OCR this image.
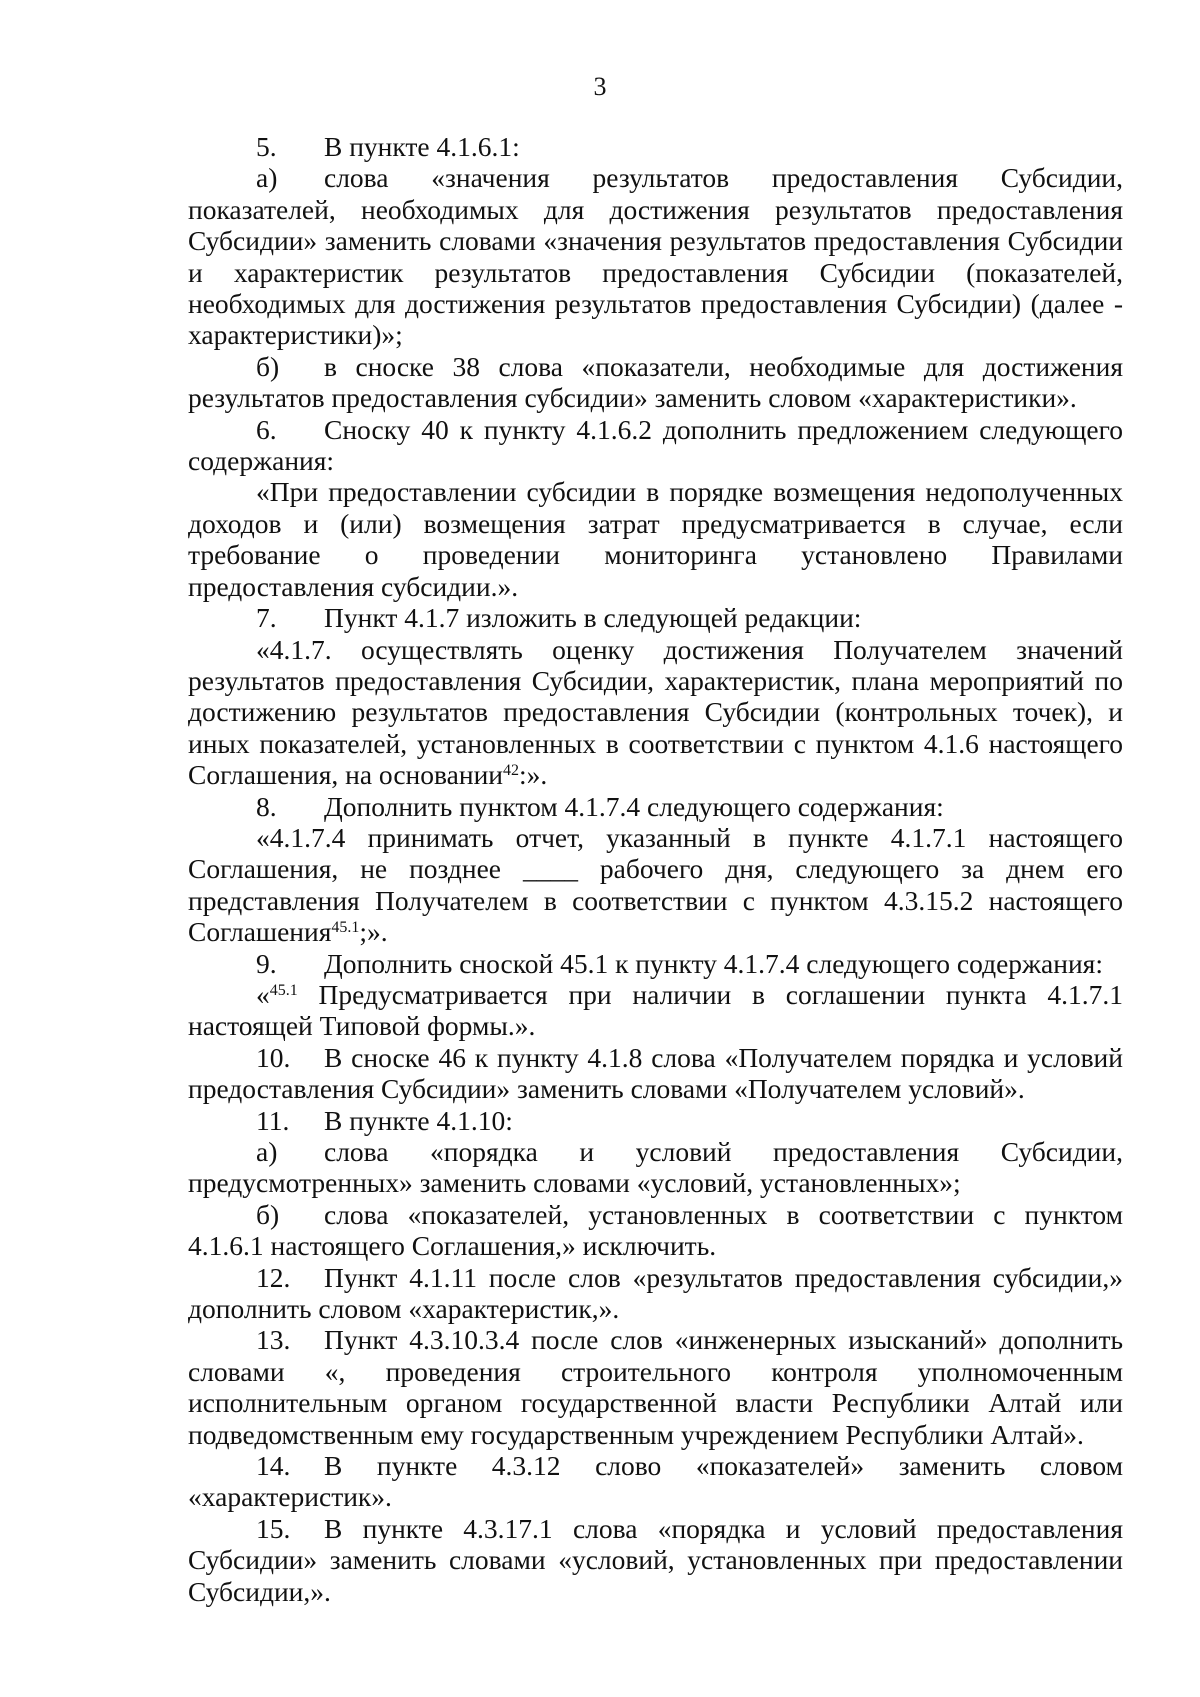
3

5. В пункте 4.1.6.1:

а) слова «значения результатов предоставления Субсидии, показателей, необходимых для достижения результатов предоставления Субсидии» заменить словами «значения результатов предоставления Субсидии и характеристик результатов предоставления Субсидии (показателей, необходимых для достижения результатов предоставления Субсидии) (далее - характеристики)»;

б) в сноске 38 слова «показатели, необходимые для достижения результатов предоставления субсидии» заменить словом «характеристики».

6. Сноску 40 к пункту 4.1.6.2 дополнить предложением следующего содержания:

«При предоставлении субсидии в порядке возмещения недополученных доходов и (или) возмещения затрат предусматривается в случае, если требование о проведении мониторинга установлено Правилами предоставления субсидии.».

7. Пункт 4.1.7 изложить в следующей редакции:

«4.1.7. осуществлять оценку достижения Получателем значений результатов предоставления Субсидии, характеристик, плана мероприятий по достижению результатов предоставления Субсидии (контрольных точек), и иных показателей, установленных в соответствии с пунктом 4.1.6 настоящего Соглашения, на основании$^{42}$:».

8. Дополнить пунктом 4.1.7.4 следующего содержания:

«4.1.7.4 принимать отчет, указанный в пункте 4.1.7.1 настоящего Соглашения, не позднее ____ рабочего дня, следующего за днем его представления Получателем в соответствии с пунктом 4.3.15.2 настоящего Соглашения$^{45.1}$;».

9. Дополнить сноской 45.1 к пункту 4.1.7.4 следующего содержания:

«$^{45.1}$ Предусматривается при наличии в соглашении пункта 4.1.7.1 настоящей Типовой формы.».

10. В сноске 46 к пункту 4.1.8 слова «Получателем порядка и условий предоставления Субсидии» заменить словами «Получателем условий».

11. В пункте 4.1.10:

а) слова «порядка и условий предоставления Субсидии, предусмотренных» заменить словами «условий, установленных»;

б) слова «показателей, установленных в соответствии с пунктом 4.1.6.1 настоящего Соглашения,» исключить.

12. Пункт 4.1.11 после слов «результатов предоставления субсидии,» дополнить словом «характеристик,».

13. Пункт 4.3.10.3.4 после слов «инженерных изысканий» дополнить словами «, проведения строительного контроля уполномоченным исполнительным органом государственной власти Республики Алтай или подведомственным ему государственным учреждением Республики Алтай».

14. В пункте 4.3.12 слово «показателей» заменить словом «характеристик».

15. В пункте 4.3.17.1 слова «порядка и условий предоставления Субсидии» заменить словами «условий, установленных при предоставлении Субсидии,».
